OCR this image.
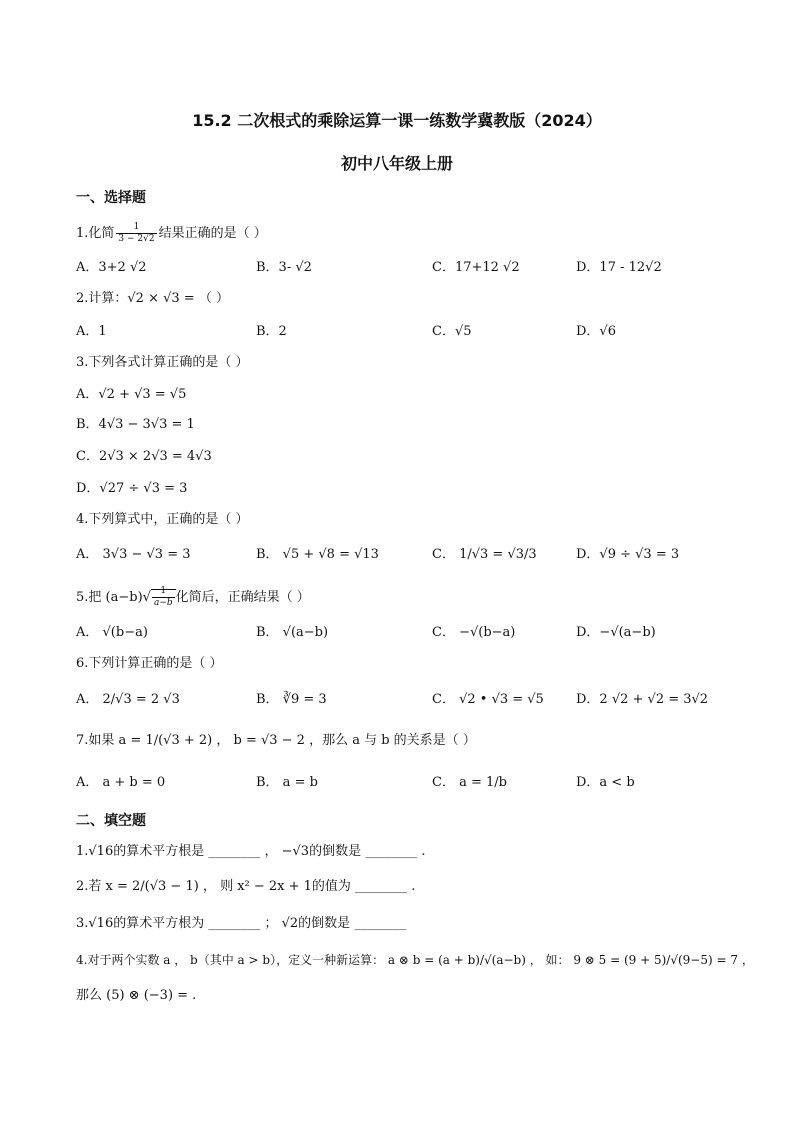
15.2 二次根式的乘除运算一课一练数学冀教版（2024）
初中八年级上册
一、选择题
1.化简 $\frac{1}{3 - 2√2}$ 结果正确的是（ ）
A．3+2 √2	B．3- √2	C．17+12 √2	D．17 - 12√2
2.计算：√2 × √3 = （ ）
A．1	B．2	C．√5	D．√6
3.下列各式计算正确的是（ ）
A．√2 + √3 = √5
B．4√3 − 3√3 = 1
C．2√3 × 2√3 = 4√3
D．√27 ÷ √3 = 3
4.下列算式中，正确的是（ ）
A． 3√3 − √3 = 3	B． √5 + √8 = √13	C． 1/√3 = √3/3	D．√9 ÷ √3 = 3
5.把 $(a-b)√ \frac{1}{a-b}$ 化简后，正确结果（ ）
A． √(b−a)	B． √(a−b)	C． −√(b−a)	D．−√(a−b)
6.下列计算正确的是（ ）
A． 2/√3 = 2 √3	B． ∛9 = 3	C． √2 • √3 = √5 D．2 √2 + √2 = 3√2
7.如果 a = 1/(√3 + 2) ， b = √3 − 2 ，那么 a 与 b 的关系是（ ）
A． a + b = 0	B． a = b	C． a = 1/b	D．a < b
二、填空题
1.√16的算术平方根是 ________ ， −√3的倒数是 ________ .
2.若 x = 2/(√3 − 1) ， 则 x² − 2x + 1的值为 ________ .
3.√16的算术平方根为 ________ ； √2的倒数是 ________
4.对于两个实数 a ， b（其中 a > b），定义一种新运算： a ⊗ b = (a + b)/√(a−b) ， 如： 9 ⊗ 5 = (9 + 5)/√(9−5) = 7 ，
那么 (5) ⊗ (−3) = .
